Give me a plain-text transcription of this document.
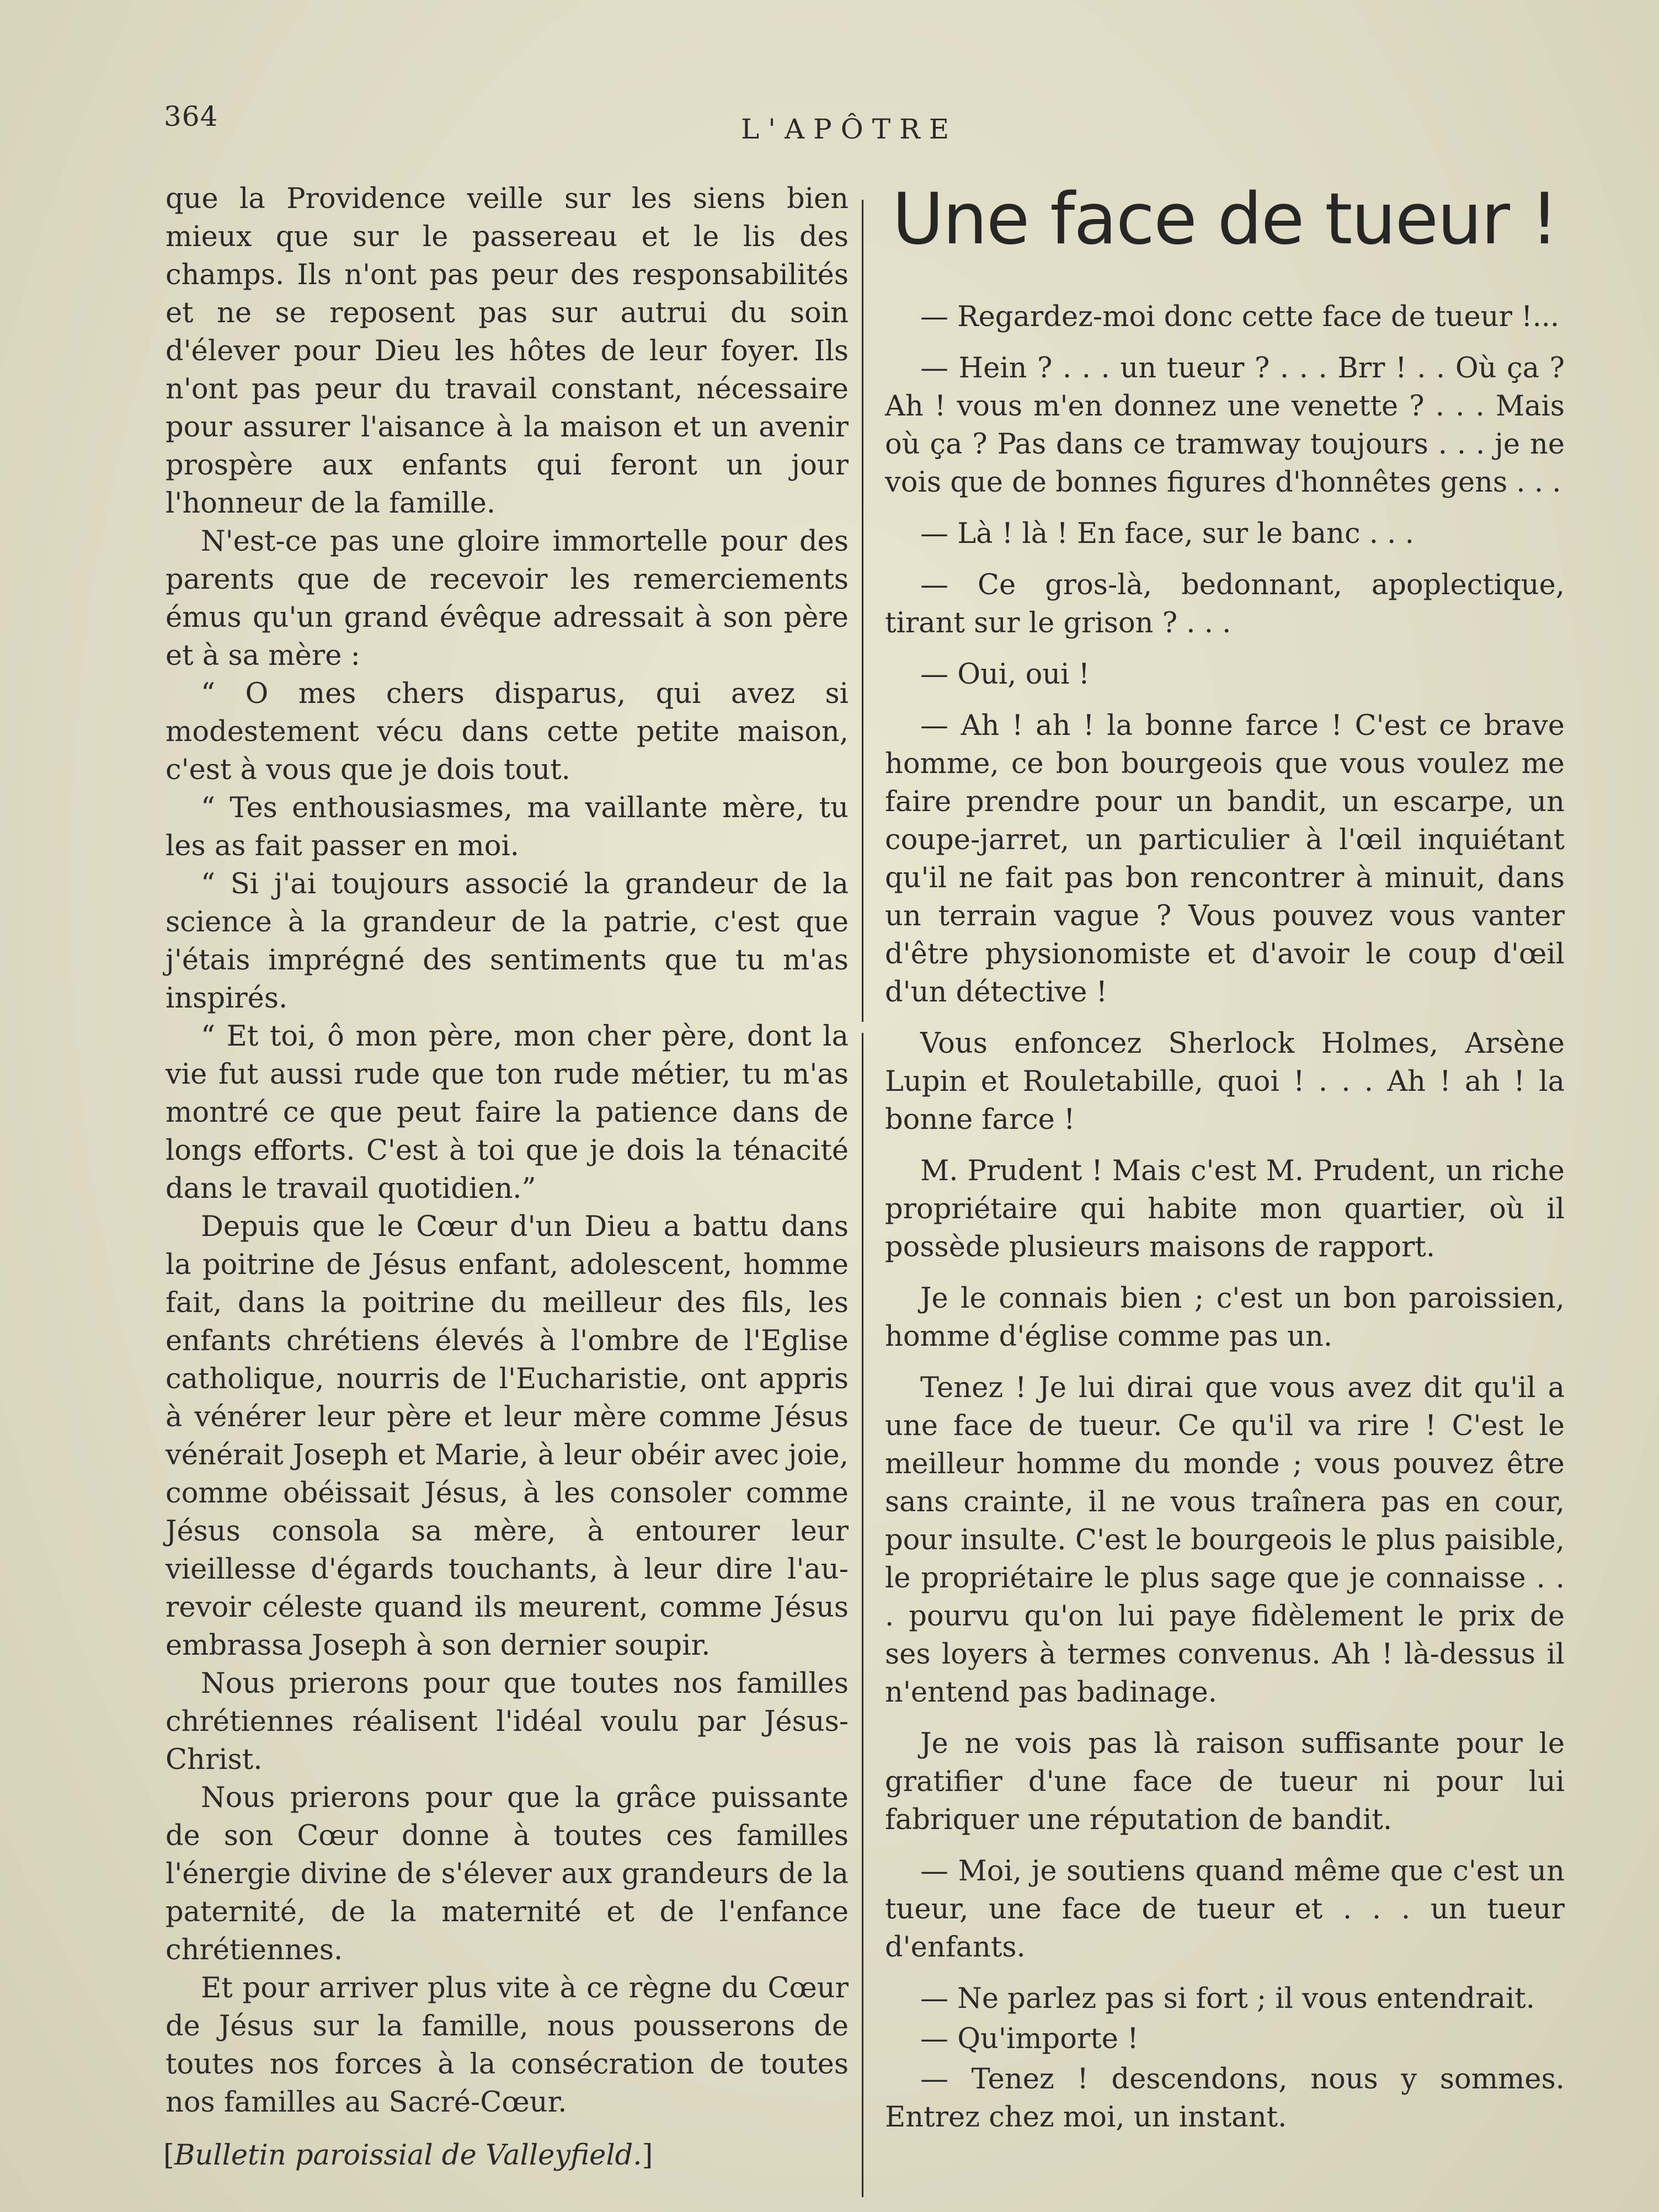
364	L'APÔTRE

que la Providence veille sur les siens bien mieux que sur le passereau et le lis des champs. Ils n'ont pas peur des responsabilités et ne se reposent pas sur autrui du soin d'élever pour Dieu les hôtes de leur foyer. Ils n'ont pas peur du travail constant, nécessaire pour assurer l'aisance à la maison et un avenir prospère aux enfants qui feront un jour l'honneur de la famille.

N'est-ce pas une gloire immortelle pour des parents que de recevoir les remerciements émus qu'un grand évêque adressait à son père et à sa mère :

“ O mes chers disparus, qui avez si modestement vécu dans cette petite maison, c'est à vous que je dois tout.

“ Tes enthousiasmes, ma vaillante mère, tu les as fait passer en moi.

“ Si j'ai toujours associé la grandeur de la science à la grandeur de la patrie, c'est que j'étais imprégné des sentiments que tu m'as inspirés.

“ Et toi, ô mon père, mon cher père, dont la vie fut aussi rude que ton rude métier, tu m'as montré ce que peut faire la patience dans de longs efforts. C'est à toi que je dois la ténacité dans le travail quotidien.”

Depuis que le Cœur d'un Dieu a battu dans la poitrine de Jésus enfant, adolescent, homme fait, dans la poitrine du meilleur des fils, les enfants chrétiens élevés à l'ombre de l'Eglise catholique, nourris de l'Eucharistie, ont appris à vénérer leur père et leur mère comme Jésus vénérait Joseph et Marie, à leur obéir avec joie, comme obéissait Jésus, à les consoler comme Jésus consola sa mère, à entourer leur vieillesse d'égards touchants, à leur dire l'au-revoir céleste quand ils meurent, comme Jésus embrassa Joseph à son dernier soupir.

Nous prierons pour que toutes nos familles chrétiennes réalisent l'idéal voulu par Jésus-Christ.

Nous prierons pour que la grâce puissante de son Cœur donne à toutes ces familles l'énergie divine de s'élever aux grandeurs de la paternité, de la maternité et de l'enfance chrétiennes.

Et pour arriver plus vite à ce règne du Cœur de Jésus sur la famille, nous pousserons de toutes nos forces à la consécration de toutes nos familles au Sacré-Cœur.

[Bulletin paroissial de Valleyfield.]
Une face de tueur !

— Regardez-moi donc cette face de tueur !...

— Hein ? . . . un tueur ? . . . Brr ! . . Où ça ? Ah ! vous m'en donnez une venette ? . . . Mais où ça ? Pas dans ce tramway toujours . . . je ne vois que de bonnes figures d'honnêtes gens . . .

— Là ! là ! En face, sur le banc . . .

— Ce gros-là, bedonnant, apoplectique, tirant sur le grison ? . . .

— Oui, oui !

— Ah ! ah ! la bonne farce ! C'est ce brave homme, ce bon bourgeois que vous voulez me faire prendre pour un bandit, un escarpe, un coupe-jarret, un particulier à l'œil inquiétant qu'il ne fait pas bon rencontrer à minuit, dans un terrain vague ? Vous pouvez vous vanter d'être physionomiste et d'avoir le coup d'œil d'un détective !

Vous enfoncez Sherlock Holmes, Arsène Lupin et Rouletabille, quoi ! . . . Ah ! ah ! la bonne farce !

M. Prudent ! Mais c'est M. Prudent, un riche propriétaire qui habite mon quartier, où il possède plusieurs maisons de rapport.

Je le connais bien ; c'est un bon paroissien, homme d'église comme pas un.

Tenez ! Je lui dirai que vous avez dit qu'il a une face de tueur. Ce qu'il va rire ! C'est le meilleur homme du monde ; vous pouvez être sans crainte, il ne vous traînera pas en cour, pour insulte. C'est le bourgeois le plus paisible, le propriétaire le plus sage que je connaisse . . . pourvu qu'on lui paye fidèlement le prix de ses loyers à termes convenus. Ah ! là-dessus il n'entend pas badinage.

Je ne vois pas là raison suffisante pour le gratifier d'une face de tueur ni pour lui fabriquer une réputation de bandit.

— Moi, je soutiens quand même que c'est un tueur, une face de tueur et . . . un tueur d'enfants.

— Ne parlez pas si fort ; il vous entendrait.

— Qu'importe !

— Tenez ! descendons, nous y sommes. Entrez chez moi, un instant.
